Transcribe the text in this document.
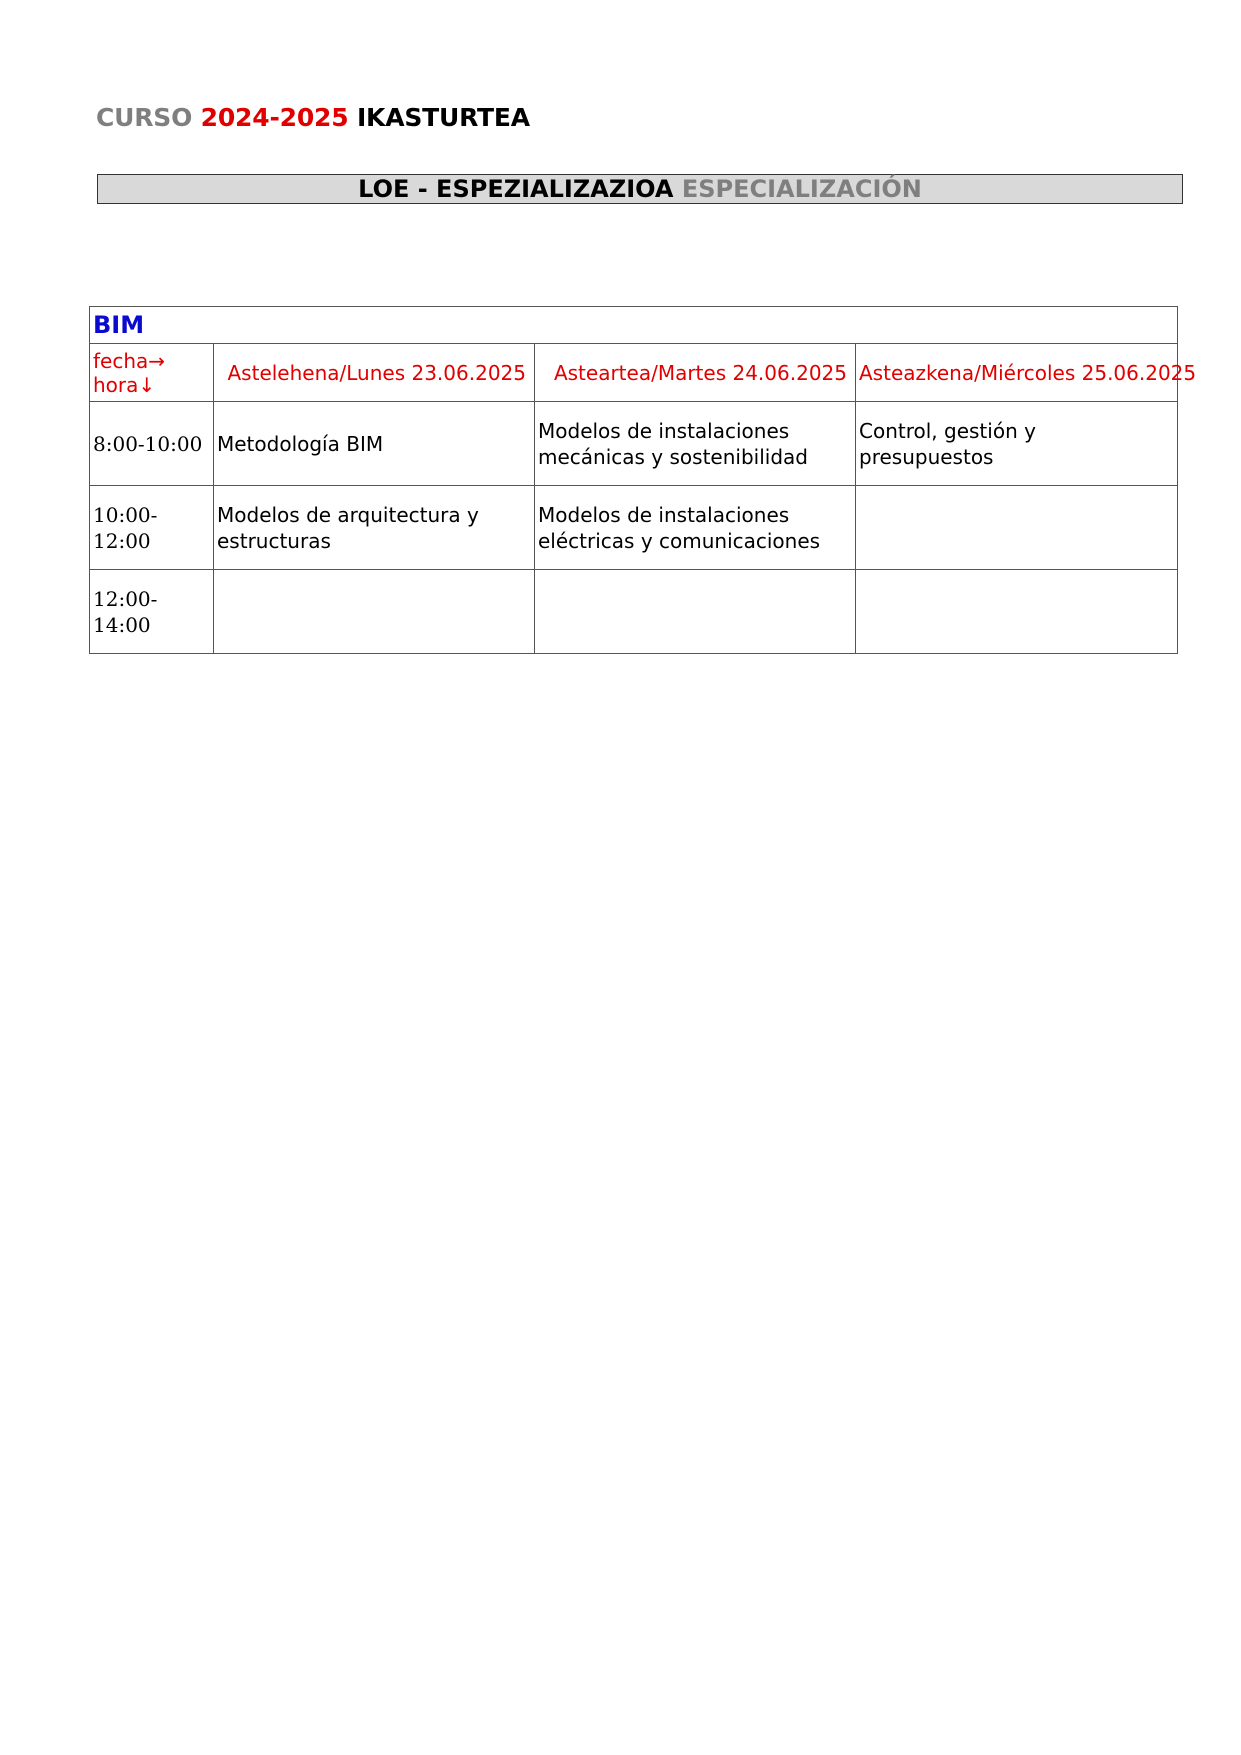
CURSO 2024-2025 IKASTURTEA
LOE - ESPEZIALIZAZIOA ESPECIALIZACIÓN
BIM			

fecha→
hora↓	Astelehena/Lunes 23.06.2025	Asteartea/Martes 24.06.2025	Asteazkena/Miércoles 25.06.2025
8:00-10:00	Metodología BIM	Modelos de instalaciones mecánicas y sostenibilidad	Control, gestión y presupuestos
10:00-12:00	Modelos de arquitectura y estructuras	Modelos de instalaciones eléctricas y comunicaciones	
12:00-14:00			
